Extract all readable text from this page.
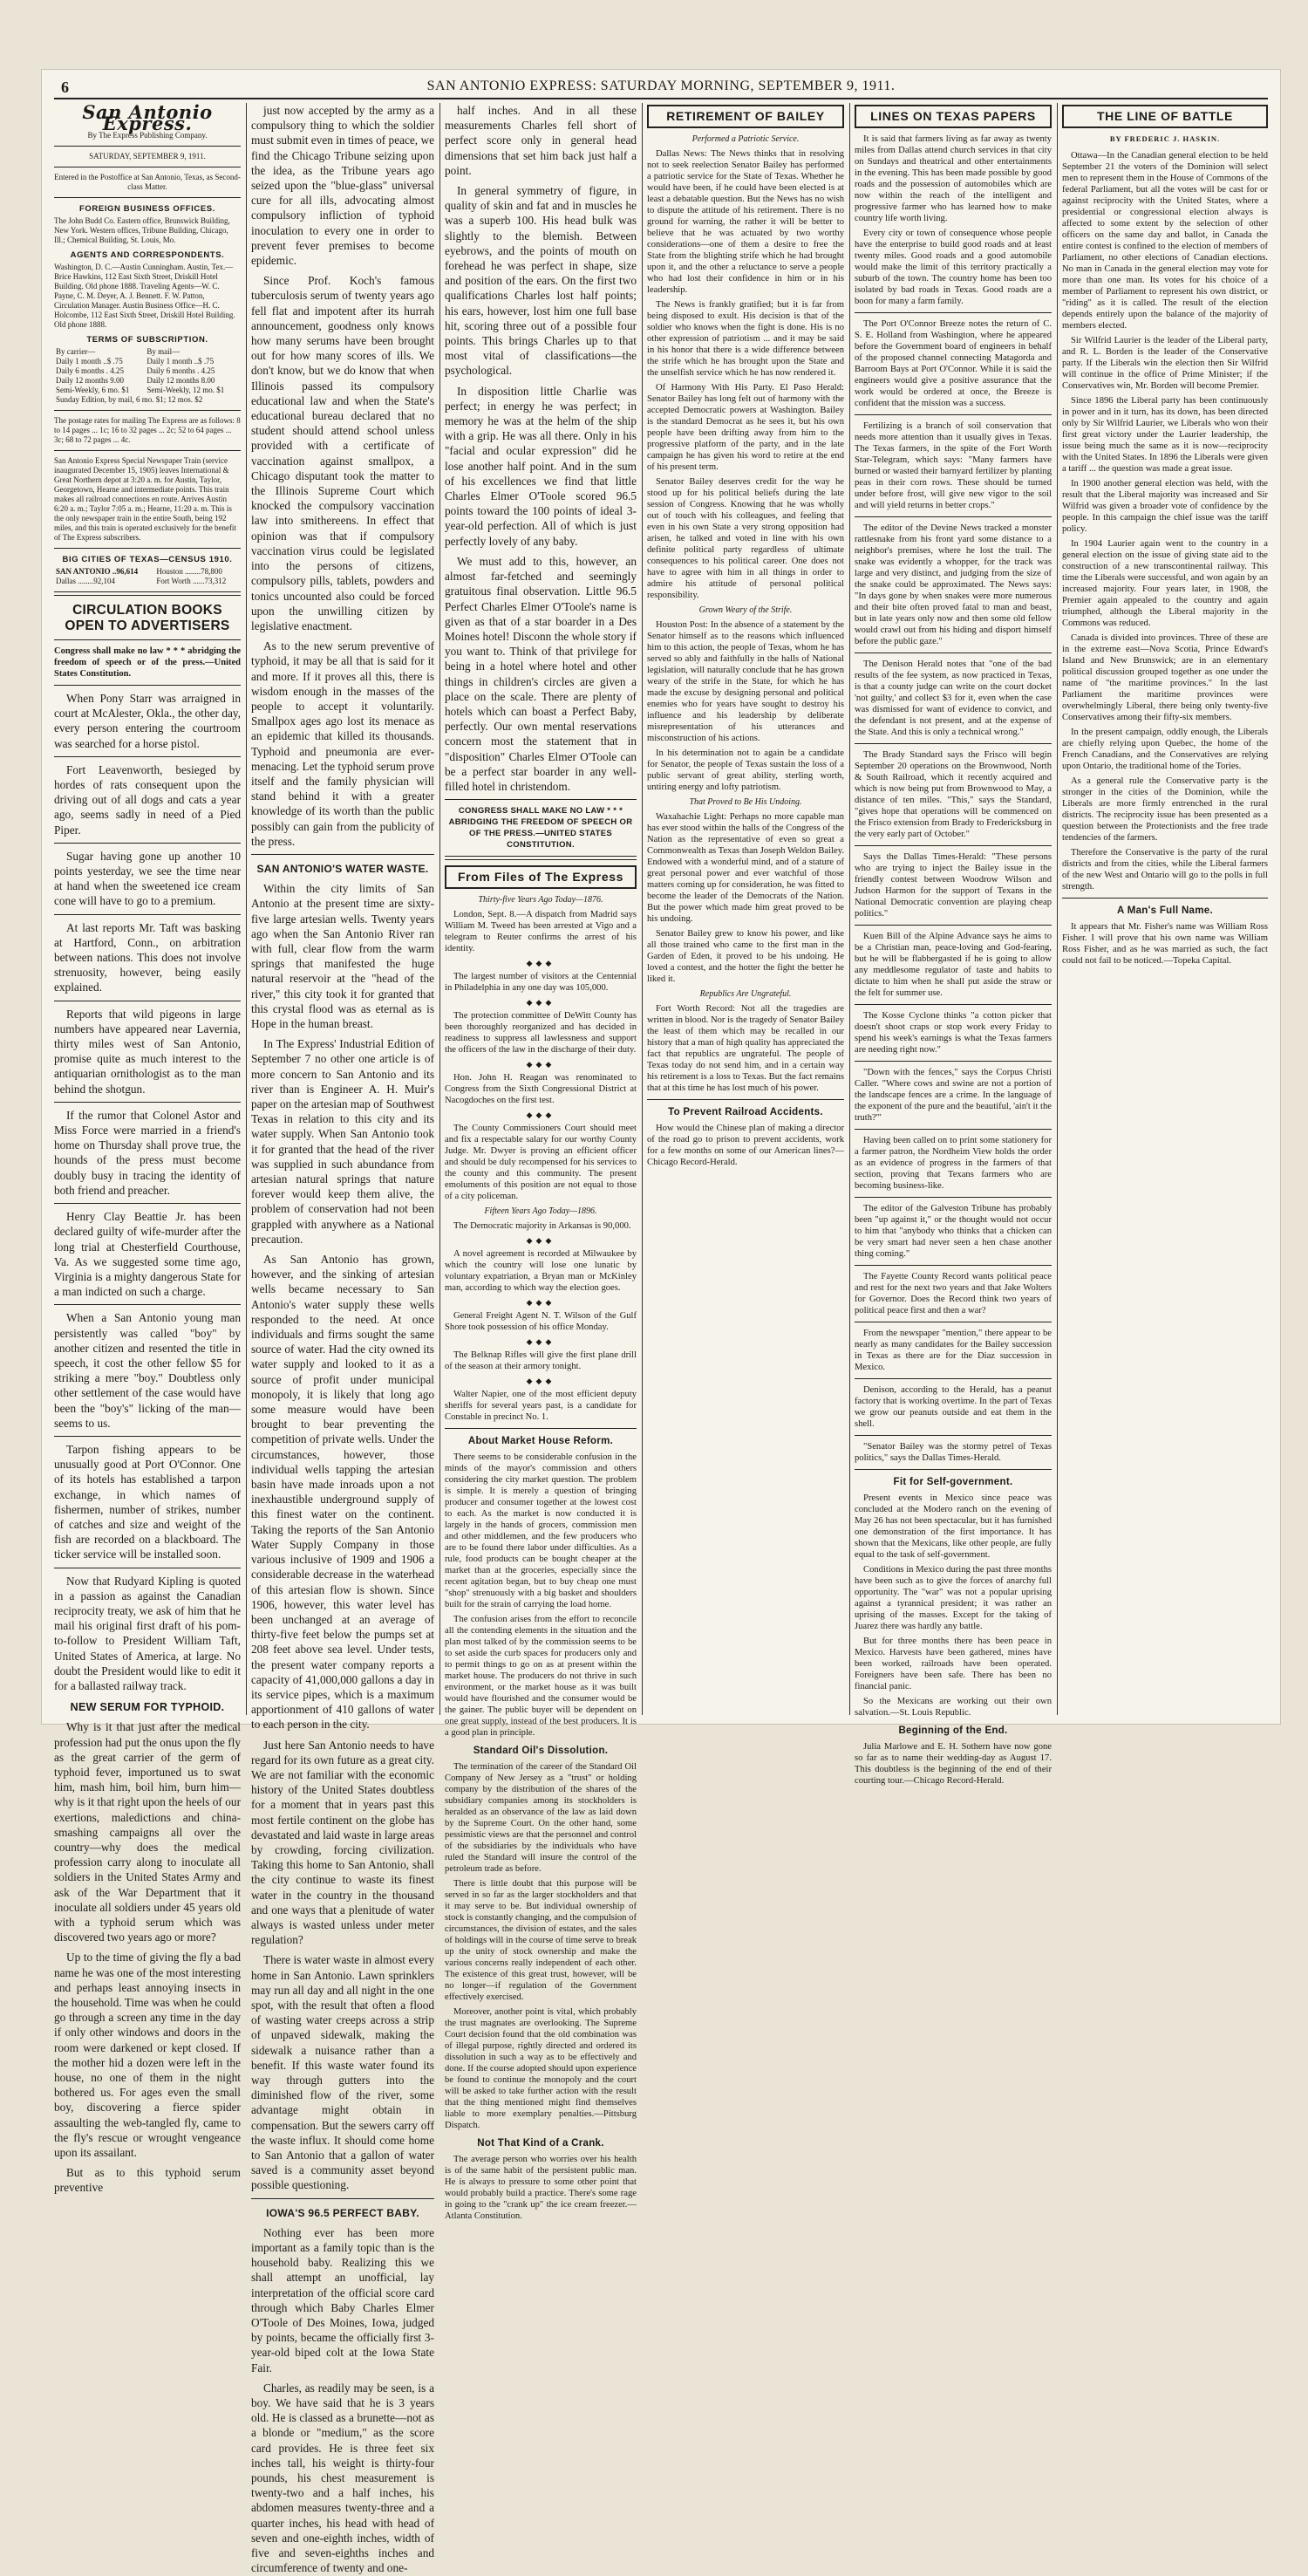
6	SAN ANTONIO EXPRESS: SATURDAY MORNING, SEPTEMBER 9, 1911.
San Antonio Express.
By The Express Publishing Company.
SATURDAY, SEPTEMBER 9, 1911.
Entered in the Postoffice at San Antonio, Texas, as Second-class Matter.
FOREIGN BUSINESS OFFICES.
The John Budd Co. Eastern office, Brunswick Building, New York. Western offices, Tribune Building, Chicago, Ill.; Chemical Building, St. Louis, Mo.
AGENTS AND CORRESPONDENTS.
Washington, D. C.—Austin Cunningham. Austin, Tex.—Brice Hawkins, 112 East Sixth Street, Driskill Hotel Building. Old phone 1888. Traveling Agents—W. C. Payne, C. M. Deyer, A. J. Bennett. F. W. Patton, Circulation Manager. Austin Business Office—H. C. Holcombe, 112 East Sixth Street, Driskill Hotel Building. Old phone 1888.
TERMS OF SUBSCRIPTION.
By carrier—	By mail—
Daily 1 month ..$ .75	Daily 1 month ..$ .75
Daily 6 months . 4.25	Daily 6 months . 4.25
Daily 12 months 9.00	Daily 12 months 8.00
Semi-Weekly, 6 mo. $1	Semi-Weekly, 12 mo. $1
Sunday Edition, by mail, 6 mo. $1; 12 mos. $2	
The postage rates for mailing The Express are as follows: 8 to 14 pages ... 1c; 16 to 32 pages ... 2c; 52 to 64 pages ... 3c; 68 to 72 pages ... 4c.
San Antonio Express Special Newspaper Train (service inaugurated December 15, 1905) leaves International & Great Northern depot at 3:20 a. m. for Austin, Taylor, Georgetown, Hearne and intermediate points. This train makes all railroad connections en route. Arrives Austin 6:20 a. m.; Taylor 7:05 a. m.; Hearne, 11:20 a. m. This is the only newspaper train in the entire South, being 192 miles, and this train is operated exclusively for the benefit of The Express subscribers.
BIG CITIES OF TEXAS—CENSUS 1910.
SAN ANTONIO ..96,614	Houston ........78,800
Dallas ........92,104	Fort Worth ......73,312
CIRCULATION BOOKS OPEN TO ADVERTISERS
Congress shall make no law * * * abridging the freedom of speech or of the press.—United States Constitution.

When Pony Starr was arraigned in court at McAlester, Okla., the other day, every person entering the courtroom was searched for a horse pistol.

Fort Leavenworth, besieged by hordes of rats consequent upon the driving out of all dogs and cats a year ago, seems sadly in need of a Pied Piper.

Sugar having gone up another 10 points yesterday, we see the time near at hand when the sweetened ice cream cone will have to go to a premium.

At last reports Mr. Taft was basking at Hartford, Conn., on arbitration between nations. This does not involve strenuosity, however, being easily explained.

Reports that wild pigeons in large numbers have appeared near Lavernia, thirty miles west of San Antonio, promise quite as much interest to the antiquarian ornithologist as to the man behind the shotgun.

If the rumor that Colonel Astor and Miss Force were married in a friend's home on Thursday shall prove true, the hounds of the press must become doubly busy in tracing the identity of both friend and preacher.

Henry Clay Beattie Jr. has been declared guilty of wife-murder after the long trial at Chesterfield Courthouse, Va. As we suggested some time ago, Virginia is a mighty dangerous State for a man indicted on such a charge.

When a San Antonio young man persistently was called "boy" by another citizen and resented the title in speech, it cost the other fellow $5 for striking a mere "boy." Doubtless only other settlement of the case would have been the "boy's" licking of the man—seems to us.

Tarpon fishing appears to be unusually good at Port O'Connor. One of its hotels has established a tarpon exchange, in which names of fishermen, number of strikes, number of catches and size and weight of the fish are recorded on a blackboard. The ticker service will be installed soon.

Now that Rudyard Kipling is quoted in a passion as against the Canadian reciprocity treaty, we ask of him that he mail his original first draft of his pom-to-follow to President William Taft, United States of America, at large. No doubt the President would like to edit it for a ballasted railway track.

NEW SERUM FOR TYPHOID.

Why is it that just after the medical profession had put the onus upon the fly as the great carrier of the germ of typhoid fever, importuned us to swat him, mash him, boil him, burn him—why is it that right upon the heels of our exertions, maledictions and china-smashing campaigns all over the country—why does the medical profession carry along to inoculate all soldiers in the United States Army and ask of the War Department that it inoculate all soldiers under 45 years old with a typhoid serum which was discovered two years ago or more?

Up to the time of giving the fly a bad name he was one of the most interesting and perhaps least annoying insects in the household. Time was when he could go through a screen any time in the day if only other windows and doors in the room were darkened or kept closed. If the mother hid a dozen were left in the house, no one of them in the night bothered us. For ages even the small boy, discovering a fierce spider assaulting the web-tangled fly, came to the fly's rescue or wrought vengeance upon its assailant.

But as to this typhoid serum preventive

just now accepted by the army as a compulsory thing to which the soldier must submit even in times of peace, we find the Chicago Tribune seizing upon the idea, as the Tribune years ago seized upon the "blue-glass" universal cure for all ills, advocating almost compulsory infliction of typhoid inoculation to every one in order to prevent fever premises to become epidemic.

Since Prof. Koch's famous tuberculosis serum of twenty years ago fell flat and impotent after its hurrah announcement, goodness only knows how many serums have been brought out for how many scores of ills. We don't know, but we do know that when Illinois passed its compulsory educational law and when the State's educational bureau declared that no student should attend school unless provided with a certificate of vaccination against smallpox, a Chicago disputant took the matter to the Illinois Supreme Court which knocked the compulsory vaccination law into smithereens. In effect that opinion was that if compulsory vaccination virus could be legislated into the persons of citizens, compulsory pills, tablets, powders and tonics uncounted also could be forced upon the unwilling citizen by legislative enactment.

As to the new serum preventive of typhoid, it may be all that is said for it and more. If it proves all this, there is wisdom enough in the masses of the people to accept it voluntarily. Smallpox ages ago lost its menace as an epidemic that killed its thousands. Typhoid and pneumonia are ever-menacing. Let the typhoid serum prove itself and the family physician will stand behind it with a greater knowledge of its worth than the public possibly can gain from the publicity of the press.

SAN ANTONIO'S WATER WASTE.

Within the city limits of San Antonio at the present time are sixty-five large artesian wells. Twenty years ago when the San Antonio River ran with full, clear flow from the warm springs that manifested the huge natural reservoir at the "head of the river," this city took it for granted that this crystal flood was as eternal as is Hope in the human breast.

In The Express' Industrial Edition of September 7 no other one article is of more concern to San Antonio and its river than is Engineer A. H. Muir's paper on the artesian map of Southwest Texas in relation to this city and its water supply. When San Antonio took it for granted that the head of the river was supplied in such abundance from artesian natural springs that nature forever would keep them alive, the problem of conservation had not been grappled with anywhere as a National precaution.

As San Antonio has grown, however, and the sinking of artesian wells became necessary to San Antonio's water supply these wells responded to the need. At once individuals and firms sought the same source of water. Had the city owned its water supply and looked to it as a source of profit under municipal monopoly, it is likely that long ago some measure would have been brought to bear preventing the competition of private wells. Under the circumstances, however, those individual wells tapping the artesian basin have made inroads upon a not inexhaustible underground supply of this finest water on the continent. Taking the reports of the San Antonio Water Supply Company in those various inclusive of 1909 and 1906 a considerable decrease in the waterhead of this artesian flow is shown. Since 1906, however, this water level has been unchanged at an average of thirty-five feet below the pumps set at 208 feet above sea level. Under tests, the present water company reports a capacity of 41,000,000 gallons a day in its service pipes, which is a maximum apportionment of 410 gallons of water to each person in the city.

Just here San Antonio needs to have regard for its own future as a great city. We are not familiar with the economic history of the United States doubtless for a moment that in years past this most fertile continent on the globe has devastated and laid waste in large areas by crowding, forcing civilization. Taking this home to San Antonio, shall the city continue to waste its finest water in the country in the thousand and one ways that a plenitude of water always is wasted unless under meter regulation?

There is water waste in almost every home in San Antonio. Lawn sprinklers may run all day and all night in the one spot, with the result that often a flood of wasting water creeps across a strip of unpaved sidewalk, making the sidewalk a nuisance rather than a benefit. If this waste water found its way through gutters into the diminished flow of the river, some advantage might obtain in compensation. But the sewers carry off the waste influx. It should come home to San Antonio that a gallon of water saved is a community asset beyond possible questioning.

IOWA'S 96.5 PERFECT BABY.

Nothing ever has been more important as a family topic than is the household baby. Realizing this we shall attempt an unofficial, lay interpretation of the official score card through which Baby Charles Elmer O'Toole of Des Moines, Iowa, judged by points, became the officially first 3-year-old biped colt at the Iowa State Fair.

Charles, as readily may be seen, is a boy. We have said that he is 3 years old. He is classed as a brunette—not as a blonde or "medium," as the score card provides. He is three feet six inches tall, his weight is thirty-four pounds, his chest measurement is twenty-two and a half inches, his abdomen measures twenty-three and a quarter inches, his head with head of seven and one-eighth inches, width of five and seven-eighths inches and circumference of twenty and one-

half inches. And in all these measurements Charles fell short of perfect score only in general head dimensions that set him back just half a point.

In general symmetry of figure, in quality of skin and fat and in muscles he was a superb 100. His head bulk was slightly to the blemish. Between eyebrows, and the points of mouth on forehead he was perfect in shape, size and position of the ears. On the first two qualifications Charles lost half points; his ears, however, lost him one full base hit, scoring three out of a possible four points. This brings Charles up to that most vital of classifications—the psychological.

In disposition little Charlie was perfect; in energy he was perfect; in memory he was at the helm of the ship with a grip. He was all there. Only in his "facial and ocular expression" did he lose another half point. And in the sum of his excellences we find that little Charles Elmer O'Toole scored 96.5 points toward the 100 points of ideal 3-year-old perfection. All of which is just perfectly lovely of any baby.

We must add to this, however, an almost far-fetched and seemingly gratuitous final observation. Little 96.5 Perfect Charles Elmer O'Toole's name is given as that of a star boarder in a Des Moines hotel! Disconn the whole story if you want to. Think of that privilege for being in a hotel where hotel and other things in children's circles are given a place on the scale. There are plenty of hotels which can boast a Perfect Baby, perfectly. Our own mental reservations concern most the statement that in "disposition" Charles Elmer O'Toole can be a perfect star boarder in any well-filled hotel in christendom.

CONGRESS SHALL MAKE NO LAW * * * ABRIDGING THE FREEDOM OF SPEECH OR OF THE PRESS.—UNITED STATES CONSTITUTION.
From Files of The Express
Thirty-five Years Ago Today—1876.

London, Sept. 8.—A dispatch from Madrid says William M. Tweed has been arrested at Vigo and a telegram to Reuter confirms the arrest of his identity.

◆◆◆

The largest number of visitors at the Centennial in Philadelphia in any one day was 105,000.

◆◆◆

The protection committee of DeWitt County has been thoroughly reorganized and has decided in readiness to suppress all lawlessness and support the officers of the law in the discharge of their duty.

◆◆◆

Hon. John H. Reagan was renominated to Congress from the Sixth Congressional District at Nacogdoches on the first test.

◆◆◆

The County Commissioners Court should meet and fix a respectable salary for our worthy County Judge. Mr. Dwyer is proving an efficient officer and should be duly recompensed for his services to the county and this community. The present emoluments of this position are not equal to those of a city policeman.

Fifteen Years Ago Today—1896.

The Democratic majority in Arkansas is 90,000.

◆◆◆

A novel agreement is recorded at Milwaukee by which the country will lose one lunatic by voluntary expatriation, a Bryan man or McKinley man, according to which way the election goes.

◆◆◆

General Freight Agent N. T. Wilson of the Gulf Shore took possession of his office Monday.

◆◆◆

The Belknap Rifles will give the first plane drill of the season at their armory tonight.

◆◆◆

Walter Napier, one of the most efficient deputy sheriffs for several years past, is a candidate for Constable in precinct No. 1.

About Market House Reform.

There seems to be considerable confusion in the minds of the mayor's commission and others considering the city market question. The problem is simple. It is merely a question of bringing producer and consumer together at the lowest cost to each. As the market is now conducted it is largely in the hands of grocers, commission men and other middlemen, and the few producers who are to be found there labor under difficulties. As a rule, food products can be bought cheaper at the market than at the groceries, especially since the recent agitation began, but to buy cheap one must "shop" strenuously with a big basket and shoulders built for the strain of carrying the load home.

The confusion arises from the effort to reconcile all the contending elements in the situation and the plan most talked of by the commission seems to be to set aside the curb spaces for producers only and to permit things to go on as at present within the market house. The producers do not thrive in such environment, or the market house as it was built would have flourished and the consumer would be the gainer. The public buyer will be dependent on one great supply, instead of the best producers. It is a good plan in principle.

Standard Oil's Dissolution.

The termination of the career of the Standard Oil Company of New Jersey as a "trust" or holding company by the distribution of the shares of the subsidiary companies among its stockholders is heralded as an observance of the law as laid down by the Supreme Court. On the other hand, some pessimistic views are that the personnel and control of the subsidiaries by the individuals who have ruled the Standard will insure the control of the petroleum trade as before.

There is little doubt that this purpose will be served in so far as the larger stockholders and that it may serve to be. But individual ownership of stock is constantly changing, and the compulsion of circumstances, the division of estates, and the sales of holdings will in the course of time serve to break up the unity of stock ownership and make the various concerns really independent of each other. The existence of this great trust, however, will be no longer—if regulation of the Government effectively exercised.

Moreover, another point is vital, which probably the trust magnates are overlooking. The Supreme Court decision found that the old combination was of illegal purpose, rightly directed and ordered its dissolution in such a way as to be effectively and done. If the course adopted should upon experience be found to continue the monopoly and the court will be asked to take further action with the result that the thing mentioned might find themselves liable to more exemplary penalties.—Pittsburg Dispatch.

Not That Kind of a Crank.

The average person who worries over his health is of the same habit of the persistent public man. He is always to pressure to some other point that would probably build a practice. There's some rage in going to the "crank up" the ice cream freezer.—Atlanta Constitution.

RETIREMENT OF BAILEY
Performed a Patriotic Service.

Dallas News: The News thinks that in resolving not to seek reelection Senator Bailey has performed a patriotic service for the State of Texas. Whether he would have been, if he could have been elected is at least a debatable question. But the News has no wish to dispute the attitude of his retirement. There is no ground for warning, the rather it will be better to believe that he was actuated by two worthy considerations—one of them a desire to free the State from the blighting strife which he had brought upon it, and the other a reluctance to serve a people who had lost their confidence in him or in his leadership.

The News is frankly gratified; but it is far from being disposed to exult. His decision is that of the soldier who knows when the fight is done. His is no other expression of patriotism ... and it may be said in his honor that there is a wide difference between the strife which he has brought upon the State and the unselfish service which he has now rendered it.

Of Harmony With His Party. El Paso Herald: Senator Bailey has long felt out of harmony with the accepted Democratic powers at Washington. Bailey is the standard Democrat as he sees it, but his own people have been drifting away from him to the progressive platform of the party, and in the late campaign he has given his word to retire at the end of his present term.

Senator Bailey deserves credit for the way he stood up for his political beliefs during the late session of Congress. Knowing that he was wholly out of touch with his colleagues, and feeling that even in his own State a very strong opposition had arisen, he talked and voted in line with his own definite political party regardless of ultimate consequences to his political career. One does not have to agree with him in all things in order to admire his attitude of personal political responsibility.

Grown Weary of the Strife.

Houston Post: In the absence of a statement by the Senator himself as to the reasons which influenced him to this action, the people of Texas, whom he has served so ably and faithfully in the halls of National legislation, will naturally conclude that he has grown weary of the strife in the State, for which he has made the excuse by designing personal and political enemies who for years have sought to destroy his influence and his leadership by deliberate misrepresentation of his utterances and misconstruction of his actions.

In his determination not to again be a candidate for Senator, the people of Texas sustain the loss of a public servant of great ability, sterling worth, untiring energy and lofty patriotism.

That Proved to Be His Undoing.

Waxahachie Light: Perhaps no more capable man has ever stood within the halls of the Congress of the Nation as the representative of even so great a Commonwealth as Texas than Joseph Weldon Bailey. Endowed with a wonderful mind, and of a stature of great personal power and ever watchful of those matters coming up for consideration, he was fitted to become the leader of the Democrats of the Nation. But the power which made him great proved to be his undoing.

Senator Bailey grew to know his power, and like all those trained who came to the first man in the Garden of Eden, it proved to be his undoing. He loved a contest, and the hotter the fight the better he liked it.

Republics Are Ungrateful.

Fort Worth Record: Not all the tragedies are written in blood. Nor is the tragedy of Senator Bailey the least of them which may be recalled in our history that a man of high quality has appreciated the fact that republics are ungrateful. The people of Texas today do not send him, and in a certain way his retirement is a loss to Texas. But the fact remains that at this time he has lost much of his power.

To Prevent Railroad Accidents.

How would the Chinese plan of making a director of the road go to prison to prevent accidents, work for a few months on some of our American lines?—Chicago Record-Herald.

LINES ON TEXAS PAPERS

It is said that farmers living as far away as twenty miles from Dallas attend church services in that city on Sundays and theatrical and other entertainments in the evening. This has been made possible by good roads and the possession of automobiles which are now within the reach of the intelligent and progressive farmer who has learned how to make country life worth living.

Every city or town of consequence whose people have the enterprise to build good roads and at least twenty miles. Good roads and a good automobile would make the limit of this territory practically a suburb of the town. The country home has been too isolated by bad roads in Texas. Good roads are a boon for many a farm family.

The Port O'Connor Breeze notes the return of C. S. E. Holland from Washington, where he appeared before the Government board of engineers in behalf of the proposed channel connecting Matagorda and Barroom Bays at Port O'Connor. While it is said the engineers would give a positive assurance that the work would be ordered at once, the Breeze is confident that the mission was a success.

Fertilizing is a branch of soil conservation that needs more attention than it usually gives in Texas. The Texas farmers, in the spite of the Fort Worth Star-Telegram, which says: "Many farmers have burned or wasted their barnyard fertilizer by planting peas in their corn rows. These should be turned under before frost, will give new vigor to the soil and will yield returns in better crops."

The editor of the Devine News tracked a monster rattlesnake from his front yard some distance to a neighbor's premises, where he lost the trail. The snake was evidently a whopper, for the track was large and very distinct, and judging from the size of the snake could be approximated. The News says: "In days gone by when snakes were more numerous and their bite often proved fatal to man and beast, but in late years only now and then some old fellow would crawl out from his hiding and disport himself before the public gaze."

The Denison Herald notes that "one of the bad results of the fee system, as now practiced in Texas, is that a county judge can write on the court docket 'not guilty,' and collect $3 for it, even when the case was dismissed for want of evidence to convict, and the defendant is not present, and at the expense of the State. And this is only a technical wrong."

The Brady Standard says the Frisco will begin September 20 operations on the Brownwood, North & South Railroad, which it recently acquired and which is now being put from Brownwood to May, a distance of ten miles. "This," says the Standard, "gives hope that operations will be commenced on the Frisco extension from Brady to Fredericksburg in the very early part of October."

Says the Dallas Times-Herald: "These persons who are trying to inject the Bailey issue in the friendly contest between Woodrow Wilson and Judson Harmon for the support of Texans in the National Democratic convention are playing cheap politics."

Kuen Bill of the Alpine Advance says he aims to be a Christian man, peace-loving and God-fearing, but he will be flabbergasted if he is going to allow any meddlesome regulator of taste and habits to dictate to him when he shall put aside the straw or the felt for summer use.

The Kosse Cyclone thinks "a cotton picker that doesn't shoot craps or stop work every Friday to spend his week's earnings is what the Texas farmers are needing right now."

"Down with the fences," says the Corpus Christi Caller. "Where cows and swine are not a portion of the landscape fences are a crime. In the language of the exponent of the pure and the beautiful, 'ain't it the truth?'"

Having been called on to print some stationery for a farmer patron, the Nordheim View holds the order as an evidence of progress in the farmers of that section, proving that Texans farmers who are becoming business-like.

The editor of the Galveston Tribune has probably been "up against it," or the thought would not occur to him that "anybody who thinks that a chicken can be very smart had never seen a hen chase another thing coming."

The Fayette County Record wants political peace and rest for the next two years and that Jake Wolters for Governor. Does the Record think two years of political peace first and then a war?

From the newspaper "mention," there appear to be nearly as many candidates for the Bailey succession in Texas as there are for the Diaz succession in Mexico.

Denison, according to the Herald, has a peanut factory that is working overtime. In the part of Texas we grow our peanuts outside and eat them in the shell.

"Senator Bailey was the stormy petrel of Texas politics," says the Dallas Times-Herald.

Fit for Self-government.

Present events in Mexico since peace was concluded at the Modero ranch on the evening of May 26 has not been spectacular, but it has furnished one demonstration of the first importance. It has shown that the Mexicans, like other people, are fully equal to the task of self-government.

Conditions in Mexico during the past three months have been such as to give the forces of anarchy full opportunity. The "war" was not a popular uprising against a tyrannical president; it was rather an uprising of the masses. Except for the taking of Juarez there was hardly any battle.

But for three months there has been peace in Mexico. Harvests have been gathered, mines have been worked, railroads have been operated. Foreigners have been safe. There has been no financial panic.

So the Mexicans are working out their own salvation.—St. Louis Republic.

Beginning of the End.

Julia Marlowe and E. H. Sothern have now gone so far as to name their wedding-day as August 17. This doubtless is the beginning of the end of their courting tour.—Chicago Record-Herald.

THE LINE OF BATTLE
BY FREDERIC J. HASKIN.

Ottawa—In the Canadian general election to be held September 21 the voters of the Dominion will select men to represent them in the House of Commons of the federal Parliament, but all the votes will be cast for or against reciprocity with the United States, where a presidential or congressional election always is affected to some extent by the selection of other officers on the same day and ballot, in Canada the entire contest is confined to the election of members of Parliament, no other elections of Canadian elections. No man in Canada in the general election may vote for more than one man. Its votes for his choice of a member of Parliament to represent his own district, or "riding" as it is called. The result of the election depends entirely upon the balance of the majority of members elected.

Sir Wilfrid Laurier is the leader of the Liberal party, and R. L. Borden is the leader of the Conservative party. If the Liberals win the election then Sir Wilfrid will continue in the office of Prime Minister; if the Conservatives win, Mr. Borden will become Premier.

Since 1896 the Liberal party has been continuously in power and in it turn, has its down, has been directed only by Sir Wilfrid Laurier, we Liberals who won their first great victory under the Laurier leadership, the issue being much the same as it is now—reciprocity with the United States. In 1896 the Liberals were given a tariff ... the question was made a great issue.

In 1900 another general election was held, with the result that the Liberal majority was increased and Sir Wilfrid was given a broader vote of confidence by the people. In this campaign the chief issue was the tariff policy.

In 1904 Laurier again went to the country in a general election on the issue of giving state aid to the construction of a new transcontinental railway. This time the Liberals were successful, and won again by an increased majority. Four years later, in 1908, the Premier again appealed to the country and again triumphed, although the Liberal majority in the Commons was reduced.

Canada is divided into provinces. Three of these are in the extreme east—Nova Scotia, Prince Edward's Island and New Brunswick; are in an elementary political discussion grouped together as one under the name of "the maritime provinces." In the last Parliament the maritime provinces were overwhelmingly Liberal, there being only twenty-five Conservatives among their fifty-six members.

In the present campaign, oddly enough, the Liberals are chiefly relying upon Quebec, the home of the French Canadians, and the Conservatives are relying upon Ontario, the traditional home of the Tories.

As a general rule the Conservative party is the stronger in the cities of the Dominion, while the Liberals are more firmly entrenched in the rural districts. The reciprocity issue has been presented as a question between the Protectionists and the free trade tendencies of the farmers.

Therefore the Conservative is the party of the rural districts and from the cities, while the Liberal farmers of the new West and Ontario will go to the polls in full strength.

A Man's Full Name.

It appears that Mr. Fisher's name was William Ross Fisher. I will prove that his own name was William Ross Fisher, and as he was married as such, the fact could not fail to be noticed.—Topeka Capital.
